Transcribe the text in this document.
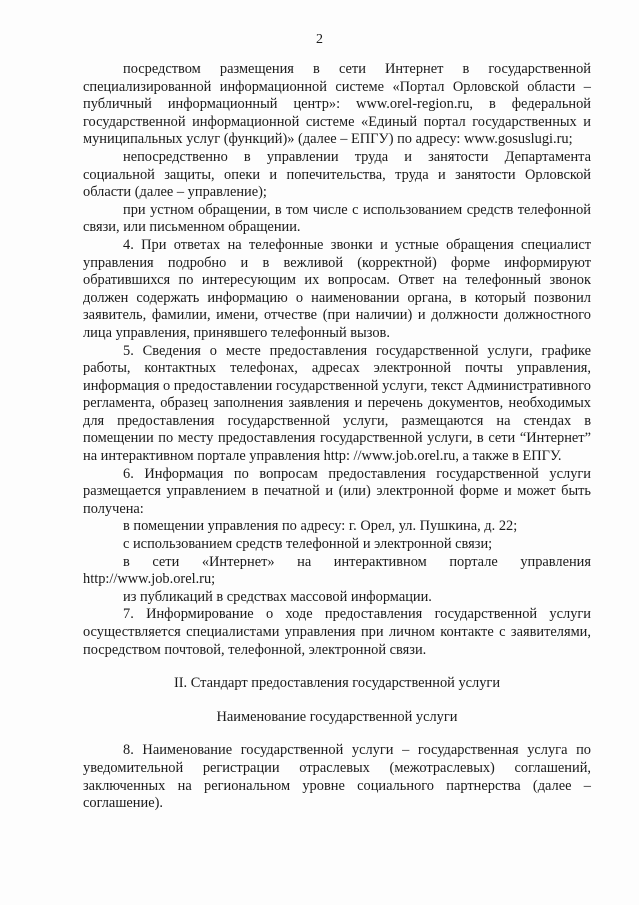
2

посредством размещения в сети Интернет в государственной специализированной информационной системе «Портал Орловской области – публичный информационный центр»: www.orel-region.ru, в федеральной государственной информационной системе «Единый портал государственных и муниципальных услуг (функций)» (далее – ЕПГУ) по адресу: www.gosuslugi.ru;

непосредственно в управлении труда и занятости Департамента социальной защиты, опеки и попечительства, труда и занятости Орловской области (далее – управление);

при устном обращении, в том числе с использованием средств телефонной связи, или письменном обращении.

4. При ответах на телефонные звонки и устные обращения специалист управления подробно и в вежливой (корректной) форме информируют обратившихся по интересующим их вопросам. Ответ на телефонный звонок должен содержать информацию о наименовании органа, в который позвонил заявитель, фамилии, имени, отчестве (при наличии) и должности должностного лица управления, принявшего телефонный вызов.

5. Сведения о месте предоставления государственной услуги, графике работы, контактных телефонах, адресах электронной почты управления, информация о предоставлении государственной услуги, текст Административного регламента, образец заполнения заявления и перечень документов, необходимых для предоставления государственной услуги, размещаются на стендах в помещении по месту предоставления государственной услуги, в сети “Интернет” на интерактивном портале управления http: //www.job.orel.ru, а также в ЕПГУ.

6. Информация по вопросам предоставления государственной услуги размещается управлением в печатной и (или) электронной форме и может быть получена:

в помещении управления по адресу: г. Орел, ул. Пушкина, д. 22;

с использованием средств телефонной и электронной связи;

в сети «Интернет» на интерактивном портале управления http://www.job.orel.ru;

из публикаций в средствах массовой информации.

7. Информирование о ходе предоставления государственной услуги осуществляется специалистами управления при личном контакте с заявителями, посредством почтовой, телефонной, электронной связи.

II. Стандарт предоставления государственной услуги

Наименование государственной услуги

8. Наименование государственной услуги – государственная услуга по уведомительной регистрации отраслевых (межотраслевых) соглашений, заключенных на региональном уровне социального партнерства (далее – соглашение).
